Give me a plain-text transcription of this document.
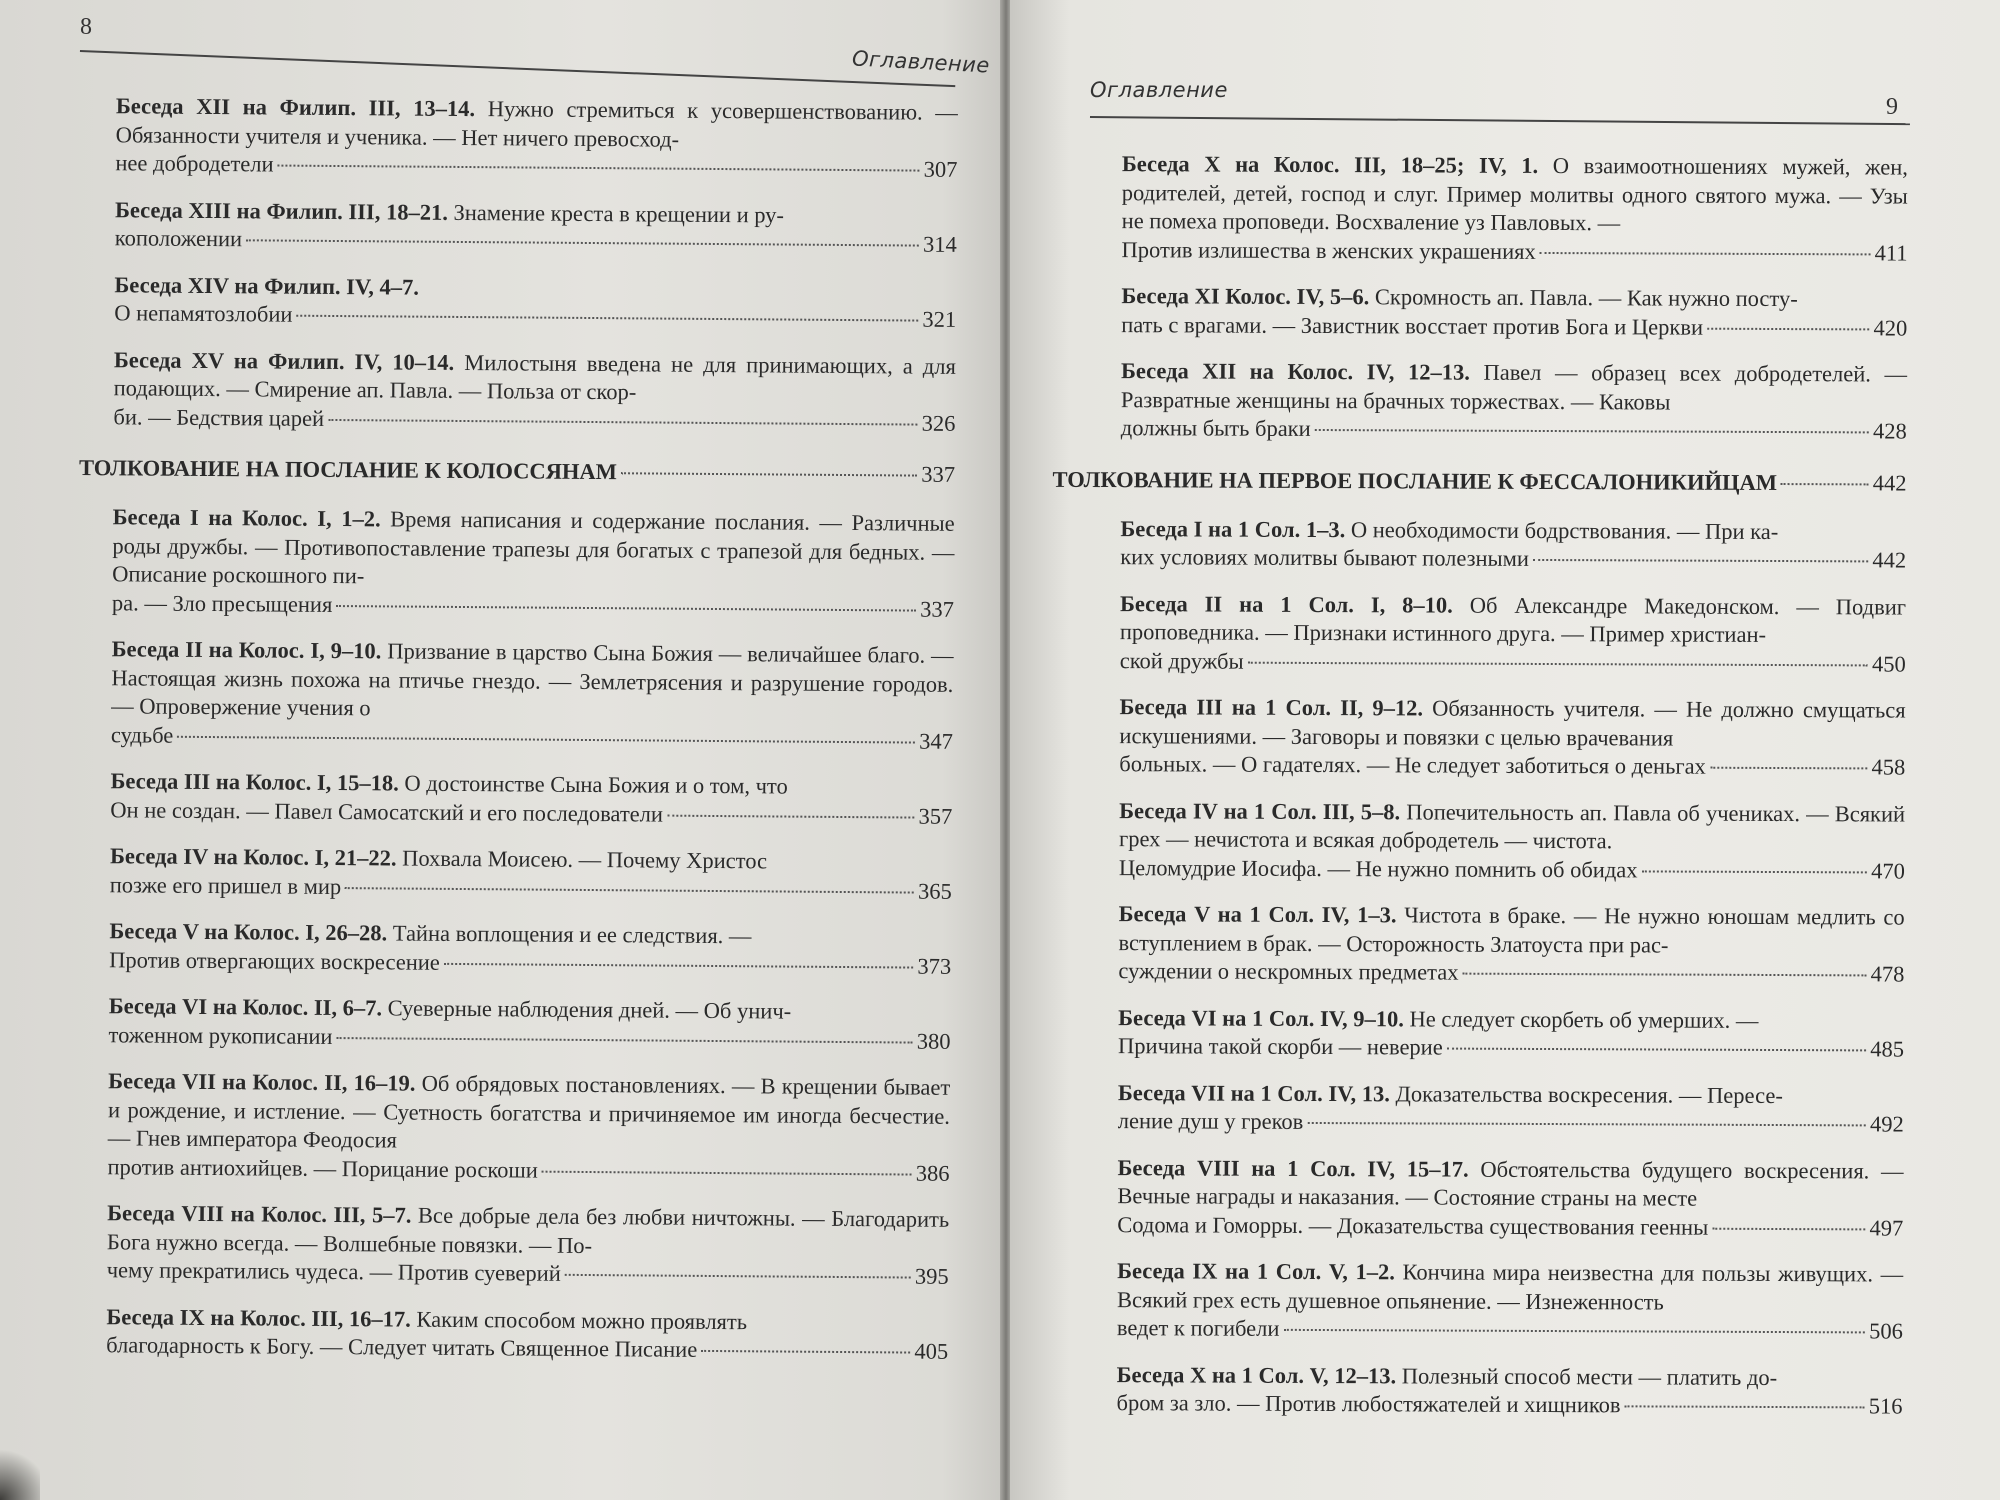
8
Оглавление
Беседа XII на Филип. III, 13–14. Нужно стремиться к усовершенствованию. — Обязанности учителя и ученика. — Нет ничего превосход-
нее добродетели	307
Беседа XIII на Филип. III, 18–21. Знамение креста в крещении и ру-
коположении	314
Беседа XIV на Филип. IV, 4–7.
О непамятозлобии	321
Беседа XV на Филип. IV, 10–14. Милостыня введена не для принимающих, а для подающих. — Смирение ап. Павла. — Польза от скор-
би. — Бедствия царей	326
ТОЛКОВАНИЕ НА ПОСЛАНИЕ К КОЛОССЯНАМ	337
Беседа I на Колос. I, 1–2. Время написания и содержание послания. — Различные роды дружбы. — Противопоставление трапезы для богатых с трапезой для бедных. — Описание роскошного пи-
ра. — Зло пресыщения	337
Беседа II на Колос. I, 9–10. Призвание в царство Сына Божия — величайшее благо. — Настоящая жизнь похожа на птичье гнездо. — Землетрясения и разрушение городов. — Опровержение учения о
судьбе	347
Беседа III на Колос. I, 15–18. О достоинстве Сына Божия и о том, что
Он не создан. — Павел Самосатский и его последователи	357
Беседа IV на Колос. I, 21–22. Похвала Моисею. — Почему Христос
позже его пришел в мир	365
Беседа V на Колос. I, 26–28. Тайна воплощения и ее следствия. —
Против отвергающих воскресение	373
Беседа VI на Колос. II, 6–7. Суеверные наблюдения дней. — Об унич-
тоженном рукописании	380
Беседа VII на Колос. II, 16–19. Об обрядовых постановлениях. — В крещении бывает и рождение, и истление. — Суетность богатства и причиняемое им иногда бесчестие. — Гнев императора Феодосия
против антиохийцев. — Порицание роскоши	386
Беседа VIII на Колос. III, 5–7. Все добрые дела без любви ничтожны. — Благодарить Бога нужно всегда. — Волшебные повязки. — По-
чему прекратились чудеса. — Против суеверий	395
Беседа IX на Колос. III, 16–17. Каким способом можно проявлять
благодарность к Богу. — Следует читать Священное Писание	405
Оглавление
9
Беседа X на Колос. III, 18–25; IV, 1. О взаимоотношениях мужей, жен, родителей, детей, господ и слуг. Пример молитвы одного святого мужа. — Узы не помеха проповеди. Восхваление уз Павловых. —
Против излишества в женских украшениях	411
Беседа XI Колос. IV, 5–6. Скромность ап. Павла. — Как нужно посту-
пать с врагами. — Завистник восстает против Бога и Церкви	420
Беседа XII на Колос. IV, 12–13. Павел — образец всех добродетелей. — Развратные женщины на брачных торжествах. — Каковы
должны быть браки	428
ТОЛКОВАНИЕ НА ПЕРВОЕ ПОСЛАНИЕ К ФЕССАЛОНИКИЙЦАМ	442
Беседа I на 1 Сол. 1–3. О необходимости бодрствования. — При ка-
ких условиях молитвы бывают полезными	442
Беседа II на 1 Сол. I, 8–10. Об Александре Македонском. — Подвиг проповедника. — Признаки истинного друга. — Пример христиан-
ской дружбы	450
Беседа III на 1 Сол. II, 9–12. Обязанность учителя. — Не должно смущаться искушениями. — Заговоры и повязки с целью врачевания
больных. — О гадателях. — Не следует заботиться о деньгах	458
Беседа IV на 1 Сол. III, 5–8. Попечительность ап. Павла об учениках. — Всякий грех — нечистота и всякая добродетель — чистота.
Целомудрие Иосифа. — Не нужно помнить об обидах	470
Беседа V на 1 Сол. IV, 1–3. Чистота в браке. — Не нужно юношам медлить со вступлением в брак. — Осторожность Златоуста при рас-
суждении о нескромных предметах	478
Беседа VI на 1 Сол. IV, 9–10. Не следует скорбеть об умерших. —
Причина такой скорби — неверие	485
Беседа VII на 1 Сол. IV, 13. Доказательства воскресения. — Пересе-
ление душ у греков	492
Беседа VIII на 1 Сол. IV, 15–17. Обстоятельства будущего воскресения. — Вечные награды и наказания. — Состояние страны на месте
Содома и Гоморры. — Доказательства существования геенны	497
Беседа IX на 1 Сол. V, 1–2. Кончина мира неизвестна для пользы живущих. — Всякий грех есть душевное опьянение. — Изнеженность
ведет к погибели	506
Беседа X на 1 Сол. V, 12–13. Полезный способ мести — платить до-
бром за зло. — Против любостяжателей и хищников	516
